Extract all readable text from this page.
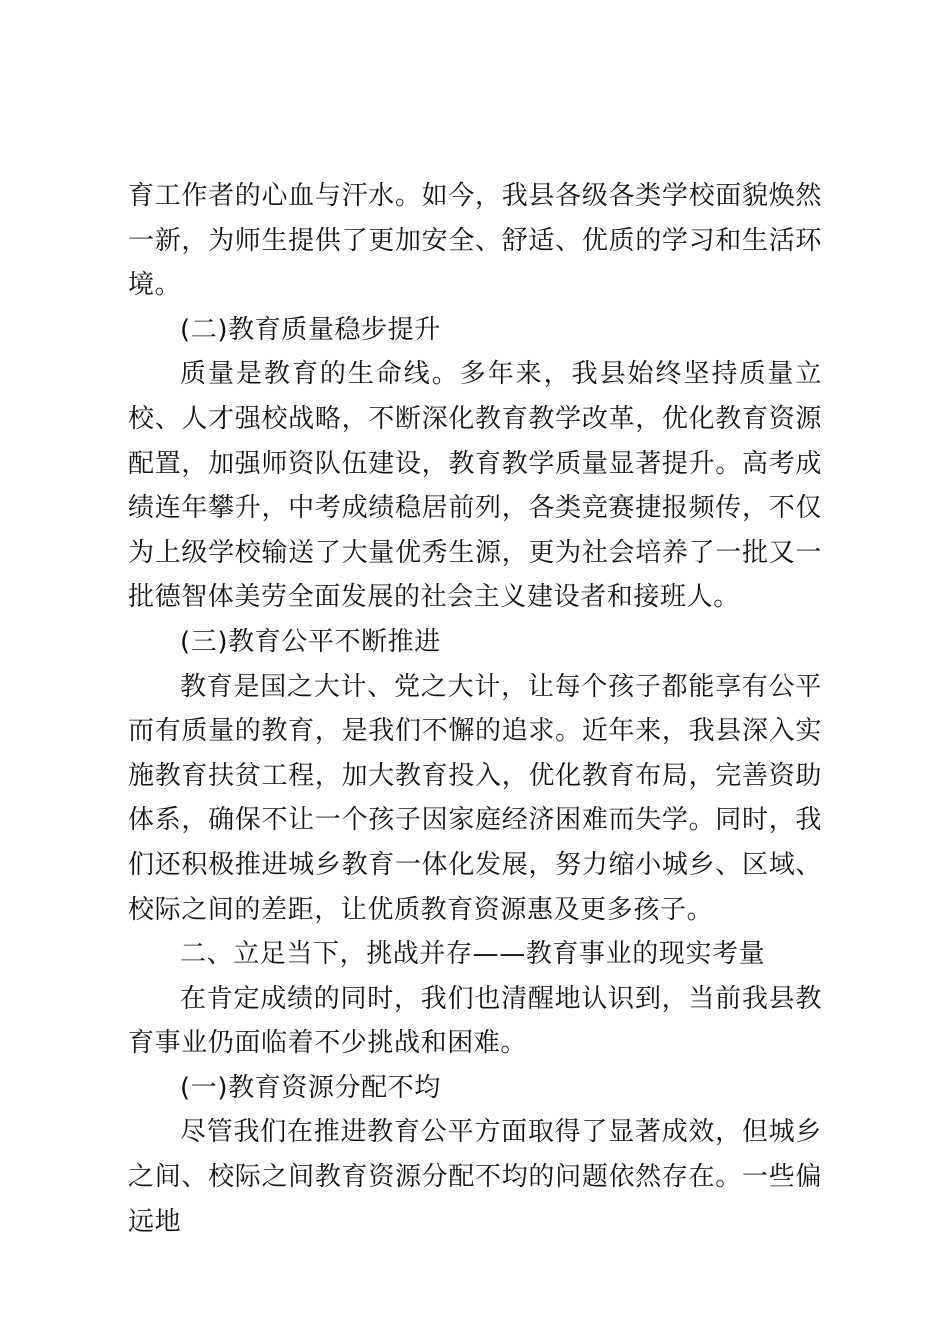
育工作者的心血与汗水。如今，我县各级各类学校面貌焕然一新，为师生提供了更加安全、舒适、优质的学习和生活环境。

(二)教育质量稳步提升

质量是教育的生命线。多年来，我县始终坚持质量立校、人才强校战略，不断深化教育教学改革，优化教育资源配置，加强师资队伍建设，教育教学质量显著提升。高考成绩连年攀升，中考成绩稳居前列，各类竞赛捷报频传，不仅为上级学校输送了大量优秀生源，更为社会培养了一批又一批德智体美劳全面发展的社会主义建设者和接班人。

(三)教育公平不断推进

教育是国之大计、党之大计，让每个孩子都能享有公平而有质量的教育，是我们不懈的追求。近年来，我县深入实施教育扶贫工程，加大教育投入，优化教育布局，完善资助体系，确保不让一个孩子因家庭经济困难而失学。同时，我们还积极推进城乡教育一体化发展，努力缩小城乡、区域、校际之间的差距，让优质教育资源惠及更多孩子。

二、立足当下，挑战并存——教育事业的现实考量

在肯定成绩的同时，我们也清醒地认识到，当前我县教育事业仍面临着不少挑战和困难。

(一)教育资源分配不均

尽管我们在推进教育公平方面取得了显著成效，但城乡之间、校际之间教育资源分配不均的问题依然存在。一些偏远地
